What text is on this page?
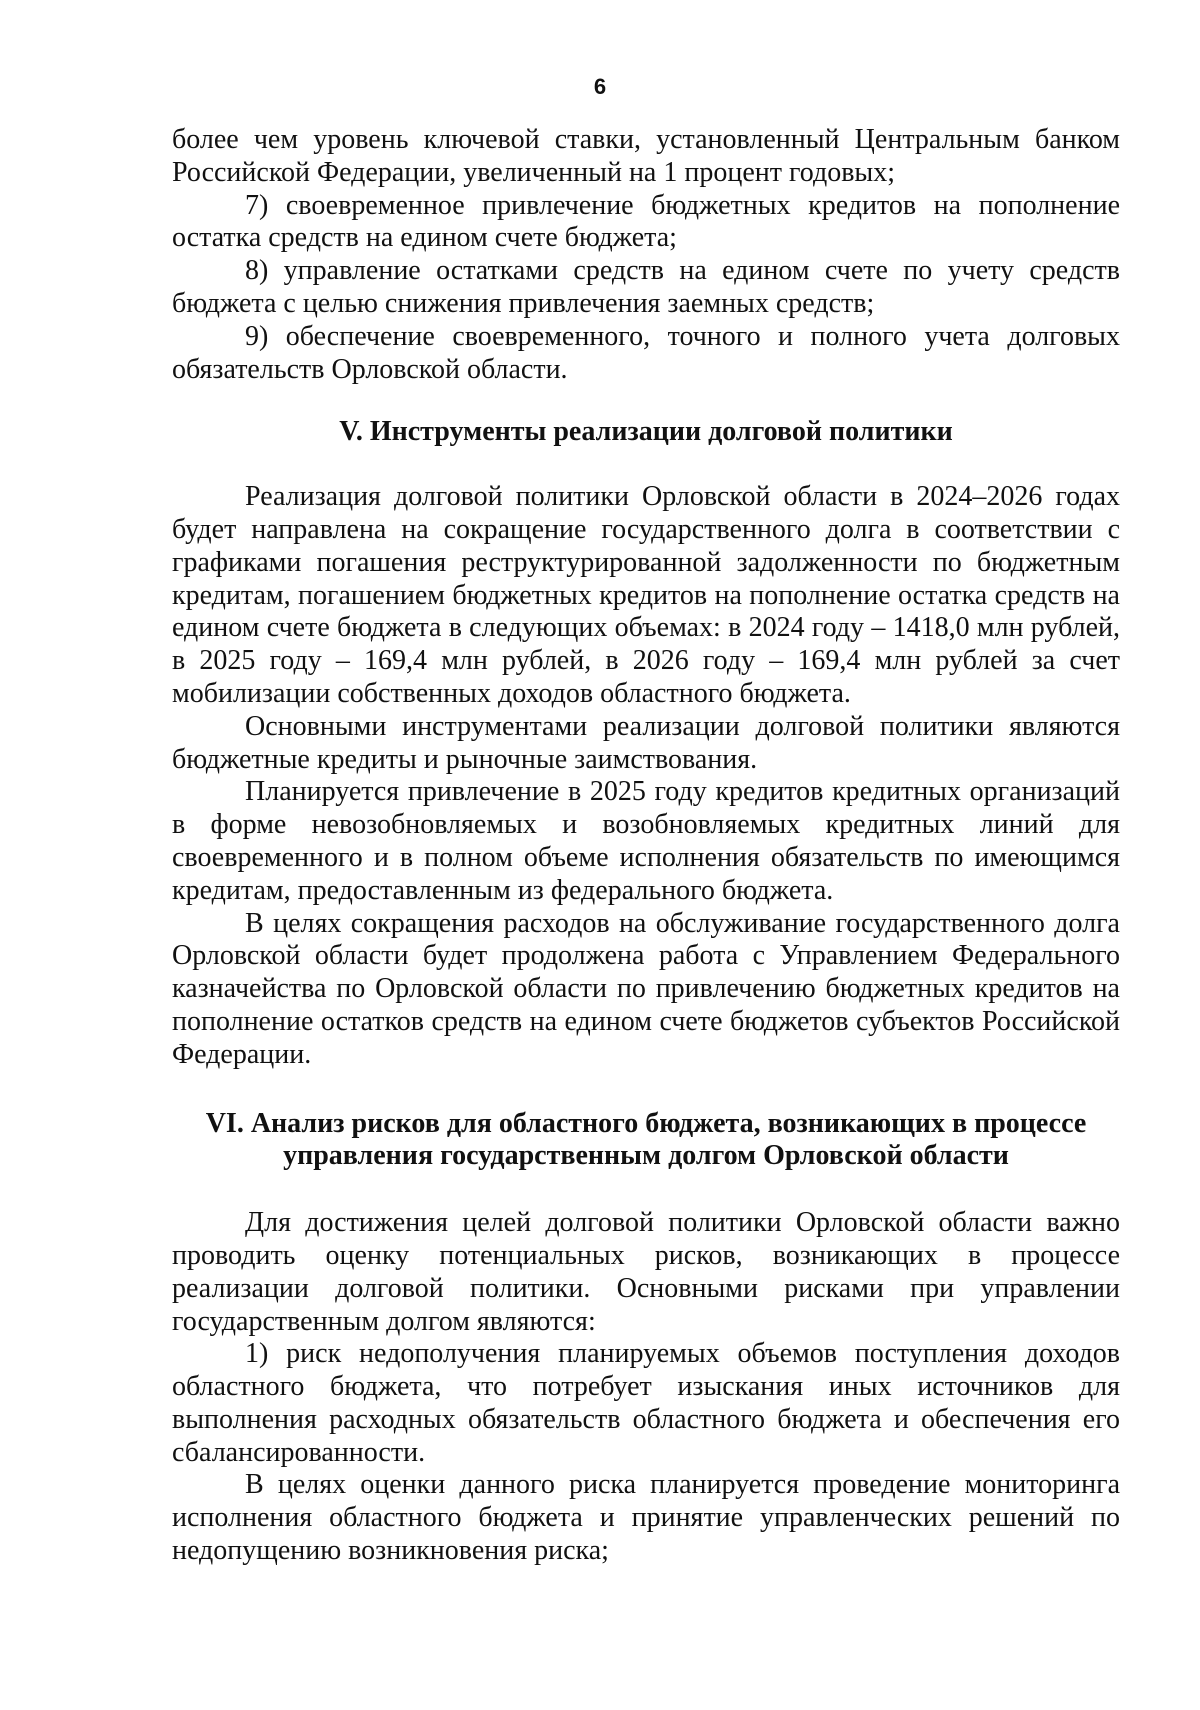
6

более чем уровень ключевой ставки, установленный Центральным банком Российской Федерации, увеличенный на 1 процент годовых;

7) своевременное привлечение бюджетных кредитов на пополнение остатка средств на едином счете бюджета;

8) управление остатками средств на едином счете по учету средств бюджета с целью снижения привлечения заемных средств;

9) обеспечение своевременного, точного и полного учета долговых обязательств Орловской области.

V. Инструменты реализации долговой политики

Реализация долговой политики Орловской области в 2024–2026 годах будет направлена на сокращение государственного долга в соответствии с графиками погашения реструктурированной задолженности по бюджетным кредитам, погашением бюджетных кредитов на пополнение остатка средств на едином счете бюджета в следующих объемах: в 2024 году – 1418,0 млн рублей, в 2025 году – 169,4 млн рублей, в 2026 году – 169,4 млн рублей за счет мобилизации собственных доходов областного бюджета.

Основными инструментами реализации долговой политики являются бюджетные кредиты и рыночные заимствования.

Планируется привлечение в 2025 году кредитов кредитных организаций в форме невозобновляемых и возобновляемых кредитных линий для своевременного и в полном объеме исполнения обязательств по имеющимся кредитам, предоставленным из федерального бюджета.

В целях сокращения расходов на обслуживание государственного долга Орловской области будет продолжена работа с Управлением Федерального казначейства по Орловской области по привлечению бюджетных кредитов на пополнение остатков средств на едином счете бюджетов субъектов Российской Федерации.

VI. Анализ рисков для областного бюджета, возникающих в процессе
управления государственным долгом Орловской области

Для достижения целей долговой политики Орловской области важно проводить оценку потенциальных рисков, возникающих в процессе реализации долговой политики. Основными рисками при управлении государственным долгом являются:

1) риск недополучения планируемых объемов поступления доходов областного бюджета, что потребует изыскания иных источников для выполнения расходных обязательств областного бюджета и обеспечения его сбалансированности.

В целях оценки данного риска планируется проведение мониторинга исполнения областного бюджета и принятие управленческих решений по недопущению возникновения риска;
